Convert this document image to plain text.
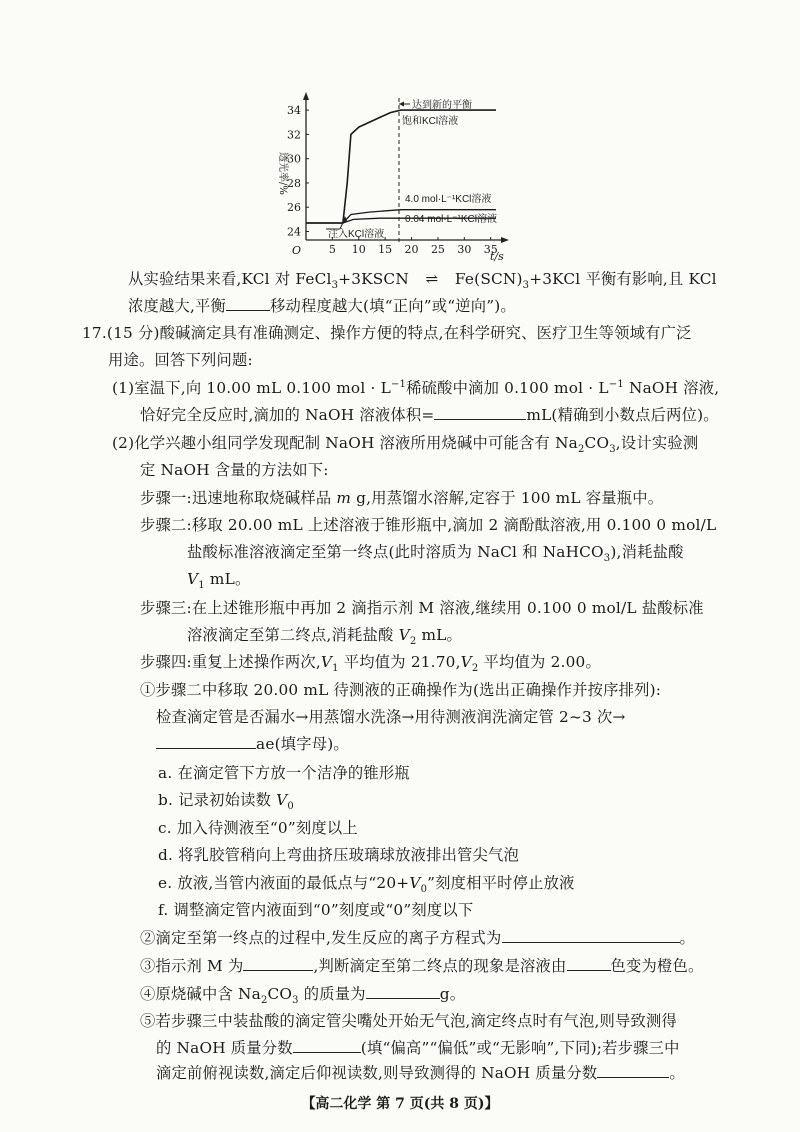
5 10 15 20 25 30 35
24
26
28
30
32
34	达到新的平衡
饱和KCl溶液
4.0 mol·L⁻¹KCl溶液
0.04 mol·L⁻¹KCl溶液
注入KCl溶液
透光率/%
O	t/s
从实验结果来看,KCl 对 FeCl$_3$+3KSCN ⇌ $Fe(SCN)_3+3KCl$ 平衡有影响,且 KCl
浓度越大,平衡	移动程度越大(填“正向”或“逆向”)。
17.(15 分)酸碱滴定具有准确测定、操作方便的特点,在科学研究、医疗卫生等领域有广泛
用途。回答下列问题:
(1)室温下,向 10.00 mL 0.100 mol · $L^{-1}$稀硫酸中滴加 0.100 mol · $L^{-1}$ NaOH 溶液,
恰好完全反应时,滴加的 NaOH 溶液体积=	mL(精确到小数点后两位)。
(2)化学兴趣小组同学发现配制 NaOH 溶液所用烧碱中可能含有 $Na_2CO_3$,设计实验测
定 NaOH 含量的方法如下:
步骤一:迅速地称取烧碱样品 m g,用蒸馏水溶解,定容于 100 mL 容量瓶中。
步骤二:移取 20.00 mL 上述溶液于锥形瓶中,滴加 2 滴酚酞溶液,用 0.100 0 mol/L
盐酸标准溶液滴定至第一终点(此时溶质为 NaCl 和 NaHCO$_3$),消耗盐酸
$V_1$ mL。
步骤三:在上述锥形瓶中再加 2 滴指示剂 M 溶液,继续用 0.100 0 mol/L 盐酸标准
溶液滴定至第二终点,消耗盐酸 $V_2$ mL。
步骤四:重复上述操作两次$,V_1$ 平均值为 $21.70,V_2$ 平均值为 2.00。
①步骤二中移取 20.00 mL 待测液的正确操作为(选出正确操作并按序排列):
检查滴定管是否漏水→用蒸馏水洗涤→用待测液润洗滴定管 2~3 次→
ae(填字母)。
a. 在滴定管下方放一个洁净的锥形瓶
b. 记录初始读数 $V_0$
c. 加入待测液至“0”刻度以上
d. 将乳胶管稍向上弯曲挤压玻璃球放液排出管尖气泡
e. 放液,当管内液面的最低点与“$20+V_0$”刻度相平时停止放液
f. 调整滴定管内液面到“0”刻度或“0”刻度以下
②滴定至第一终点的过程中,发生反应的离子方程式为	。
③指示剂 M 为	,判断滴定至第二终点的现象是溶液由	色变为橙色。
④原烧碱中含 $Na_2CO_3$ 的质量为	g。
⑤若步骤三中装盐酸的滴定管尖嘴处开始无气泡,滴定终点时有气泡,则导致测得
的 NaOH 质量分数	(填“偏高”“偏低”或“无影响”,下同);若步骤三中
滴定前俯视读数,滴定后仰视读数,则导致测得的 NaOH 质量分数	。
【高二化学 第 7 页(共 8 页)】
